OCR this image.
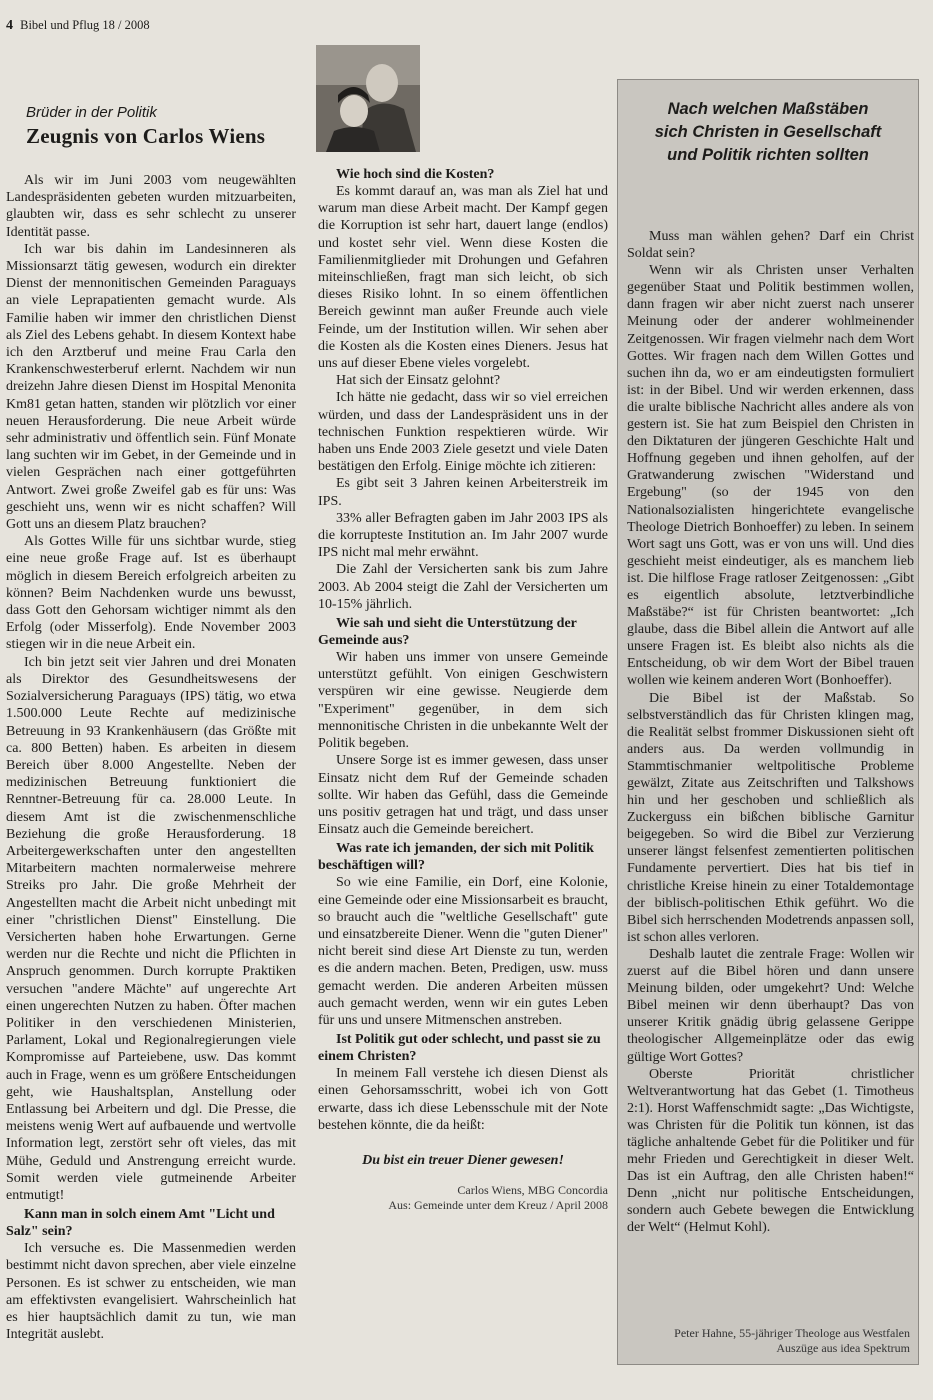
4 Bibel und Pflug 18 / 2008
Brüder in der Politik
Zeugnis von Carlos Wiens

Als wir im Juni 2003 vom neugewählten Landespräsidenten gebeten wurden mitzuarbeiten, glaubten wir, dass es sehr schlecht zu unserer Identität passe.

Ich war bis dahin im Landesinneren als Missionsarzt tätig gewesen, wodurch ein direkter Dienst der mennonitischen Gemeinden Paraguays an viele Leprapatienten gemacht wurde. Als Familie haben wir immer den christlichen Dienst als Ziel des Lebens gehabt. In diesem Kontext habe ich den Arztberuf und meine Frau Carla den Krankenschwesterberuf erlernt. Nachdem wir nun dreizehn Jahre diesen Dienst im Hospital Menonita Km81 getan hatten, standen wir plötzlich vor einer neuen Herausforderung. Die neue Arbeit würde sehr administrativ und öffentlich sein. Fünf Monate lang suchten wir im Gebet, in der Gemeinde und in vielen Gesprächen nach einer gottgeführten Antwort. Zwei große Zweifel gab es für uns: Was geschieht uns, wenn wir es nicht schaffen? Will Gott uns an diesem Platz brauchen?

Als Gottes Wille für uns sichtbar wurde, stieg eine neue große Frage auf. Ist es überhaupt möglich in diesem Bereich erfolgreich arbeiten zu können? Beim Nachdenken wurde uns bewusst, dass Gott den Gehorsam wichtiger nimmt als den Erfolg (oder Misserfolg). Ende November 2003 stiegen wir in die neue Arbeit ein.

Ich bin jetzt seit vier Jahren und drei Monaten als Direktor des Gesundheitswesens der Sozialversicherung Paraguays (IPS) tätig, wo etwa 1.500.000 Leute Rechte auf medizinische Betreuung in 93 Krankenhäusern (das Größte mit ca. 800 Betten) haben. Es arbeiten in diesem Bereich über 8.000 Angestellte. Neben der medizinischen Betreuung funktioniert die Renntner-Betreuung für ca. 28.000 Leute. In diesem Amt ist die zwischenmenschliche Beziehung die große Herausforderung. 18 Arbeitergewerkschaften unter den angestellten Mitarbeitern machten normalerweise mehrere Streiks pro Jahr. Die große Mehrheit der Angestellten macht die Arbeit nicht unbedingt mit einer "christlichen Dienst" Einstellung. Die Versicherten haben hohe Erwartungen. Gerne werden nur die Rechte und nicht die Pflichten in Anspruch genommen. Durch korrupte Praktiken versuchen "andere Mächte" auf ungerechte Art einen ungerechten Nutzen zu haben. Öfter machen Politiker in den verschiedenen Ministerien, Parlament, Lokal und Regionalregierungen viele Kompromisse auf Parteiebene, usw. Das kommt auch in Frage, wenn es um größere Entscheidungen geht, wie Haushaltsplan, Anstellung oder Entlassung bei Arbeitern und dgl. Die Presse, die meistens wenig Wert auf aufbauende und wertvolle Information legt, zerstört sehr oft vieles, das mit Mühe, Geduld und Anstrengung erreicht wurde. Somit werden viele gutmeinende Arbeiter entmutigt!

Kann man in solch einem Amt "Licht und Salz" sein?

Ich versuche es. Die Massenmedien werden bestimmt nicht davon sprechen, aber viele einzelne Personen. Es ist schwer zu entscheiden, wie man am effektivsten evangelisiert. Wahrscheinlich hat es hier hauptsächlich damit zu tun, wie man Integrität auslebt.

Wie hoch sind die Kosten?

Es kommt darauf an, was man als Ziel hat und warum man diese Arbeit macht. Der Kampf gegen die Korruption ist sehr hart, dauert lange (endlos) und kostet sehr viel. Wenn diese Kosten die Familienmitglieder mit Drohungen und Gefahren miteinschließen, fragt man sich leicht, ob sich dieses Risiko lohnt. In so einem öffentlichen Bereich gewinnt man außer Freunde auch viele Feinde, um der Institution willen. Wir sehen aber die Kosten als die Kosten eines Dieners. Jesus hat uns auf dieser Ebene vieles vorgelebt.

Hat sich der Einsatz gelohnt?

Ich hätte nie gedacht, dass wir so viel erreichen würden, und dass der Landespräsident uns in der technischen Funktion respektieren würde. Wir haben uns Ende 2003 Ziele gesetzt und viele Daten bestätigen den Erfolg. Einige möchte ich zitieren:

Es gibt seit 3 Jahren keinen Arbeiterstreik im IPS.

33% aller Befragten gaben im Jahr 2003 IPS als die korrupteste Institution an. Im Jahr 2007 wurde IPS nicht mal mehr erwähnt.

Die Zahl der Versicherten sank bis zum Jahre 2003. Ab 2004 steigt die Zahl der Versicherten um 10-15% jährlich.

Wie sah und sieht die Unterstützung der Gemeinde aus?

Wir haben uns immer von unsere Gemeinde unterstützt gefühlt. Von einigen Geschwistern verspüren wir eine gewisse. Neugierde dem "Experiment" gegenüber, in dem sich mennonitische Christen in die unbekannte Welt der Politik begeben.

Unsere Sorge ist es immer gewesen, dass unser Einsatz nicht dem Ruf der Gemeinde schaden sollte. Wir haben das Gefühl, dass die Gemeinde uns positiv getragen hat und trägt, und dass unser Einsatz auch die Gemeinde bereichert.

Was rate ich jemanden, der sich mit Politik beschäftigen will?

So wie eine Familie, ein Dorf, eine Kolonie, eine Gemeinde oder eine Missionsarbeit es braucht, so braucht auch die "weltliche Gesellschaft" gute und einsatzbereite Diener. Wenn die "guten Diener" nicht bereit sind diese Art Dienste zu tun, werden es die andern machen. Beten, Predigen, usw. muss gemacht werden. Die anderen Arbeiten müssen auch gemacht werden, wenn wir ein gutes Leben für uns und unsere Mitmenschen anstreben.

Ist Politik gut oder schlecht, und passt sie zu einem Christen?

In meinem Fall verstehe ich diesen Dienst als einen Gehorsamsschritt, wobei ich von Gott erwarte, dass ich diese Lebensschule mit der Note bestehen könnte, die da heißt:

Du bist ein treuer Diener gewesen!

Carlos Wiens, MBG Concordia
Aus: Gemeinde unter dem Kreuz / April 2008

Nach welchen Maßstäben
sich Christen in Gesellschaft
und Politik richten sollten

Muss man wählen gehen? Darf ein Christ Soldat sein?

Wenn wir als Christen unser Verhalten gegenüber Staat und Politik bestimmen wollen, dann fragen wir aber nicht zuerst nach unserer Meinung oder der anderer wohlmeinender Zeitgenossen. Wir fragen vielmehr nach dem Wort Gottes. Wir fragen nach dem Willen Gottes und suchen ihn da, wo er am eindeutigsten formuliert ist: in der Bibel. Und wir werden erkennen, dass die uralte biblische Nachricht alles andere als von gestern ist. Sie hat zum Beispiel den Christen in den Diktaturen der jüngeren Geschichte Halt und Hoffnung gegeben und ihnen geholfen, auf der Gratwanderung zwischen "Widerstand und Ergebung" (so der 1945 von den Nationalsozialisten hingerichtete evangelische Theologe Dietrich Bonhoeffer) zu leben. In seinem Wort sagt uns Gott, was er von uns will. Und dies geschieht meist eindeutiger, als es manchem lieb ist. Die hilflose Frage ratloser Zeitgenossen: „Gibt es eigentlich absolute, letztverbindliche Maßstäbe?“ ist für Christen beantwortet: „Ich glaube, dass die Bibel allein die Antwort auf alle unsere Fragen ist. Es bleibt also nichts als die Entscheidung, ob wir dem Wort der Bibel trauen wollen wie keinem anderen Wort (Bonhoeffer).

Die Bibel ist der Maßstab. So selbstverständlich das für Christen klingen mag, die Realität selbst frommer Diskussionen sieht oft anders aus. Da werden vollmundig in Stammtischmanier weltpolitische Probleme gewälzt, Zitate aus Zeitschriften und Talkshows hin und her geschoben und schließlich als Zuckerguss ein bißchen biblische Garnitur beigegeben. So wird die Bibel zur Verzierung unserer längst felsenfest zementierten politischen Fundamente pervertiert. Dies hat bis tief in christliche Kreise hinein zu einer Totaldemontage der biblisch-politischen Ethik geführt. Wo die Bibel sich herrschenden Modetrends anpassen soll, ist schon alles verloren.

Deshalb lautet die zentrale Frage: Wollen wir zuerst auf die Bibel hören und dann unsere Meinung bilden, oder umgekehrt? Und: Welche Bibel meinen wir denn überhaupt? Das von unserer Kritik gnädig übrig gelassene Gerippe theologischer Allgemeinplätze oder das ewig gültige Wort Gottes?

Oberste Priorität christlicher Weltverantwortung hat das Gebet (1. Timotheus 2:1). Horst Waffenschmidt sagte: „Das Wichtigste, was Christen für die Politik tun können, ist das tägliche anhaltende Gebet für die Politiker und für mehr Frieden und Gerechtigkeit in dieser Welt. Das ist ein Auftrag, den alle Christen haben!“ Denn „nicht nur politische Entscheidungen, sondern auch Gebete bewegen die Entwicklung der Welt“ (Helmut Kohl).

Peter Hahne, 55-jähriger Theologe aus Westfalen
Auszüge aus idea Spektrum
